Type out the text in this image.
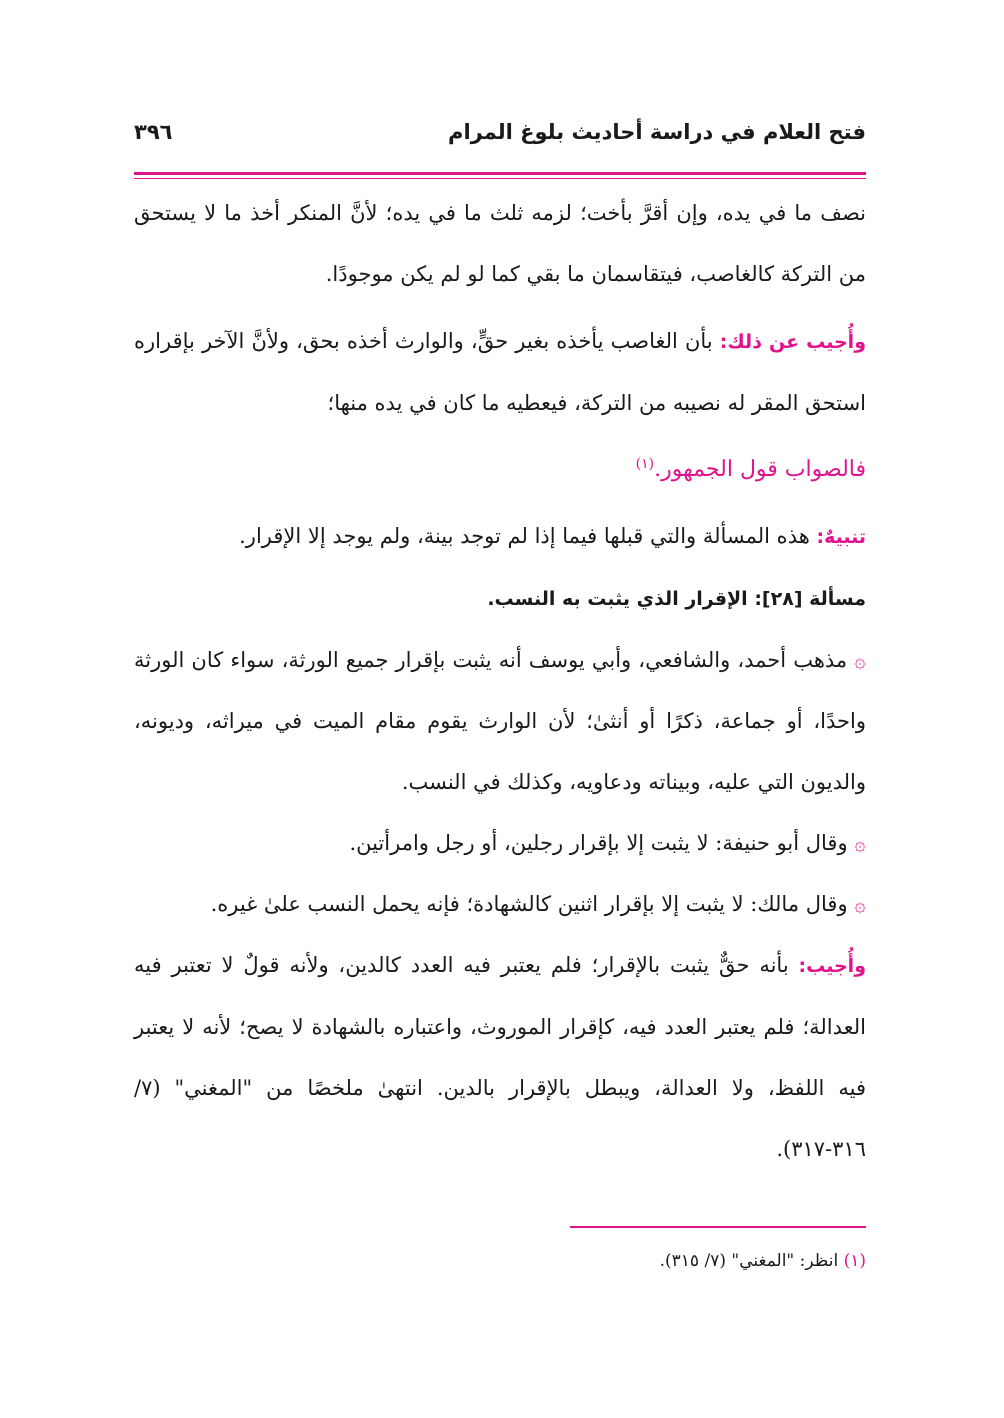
فتح العلام في دراسة أحاديث بلوغ المرام
٣٩٦

نصف ما في يده، وإن أقرَّ بأخت؛ لزمه ثلث ما في يده؛ لأنَّ المنكر أخذ ما لا يستحق من التركة كالغاصب، فيتقاسمان ما بقي كما لو لم يكن موجودًا.

وأُجيب عن ذلك: بأن الغاصب يأخذه بغير حقٍّ، والوارث أخذه بحق، ولأنَّ الآخر بإقراره استحق المقر له نصيبه من التركة، فيعطيه ما كان في يده منها؛

فالصواب قول الجمهور.$^{(١)}$

تنبيهٌ: هذه المسألة والتي قبلها فيما إذا لم توجد بينة، ولم يوجد إلا الإقرار.

مسألة [٢٨]: الإقرار الذي يثبت به النسب.

۞ مذهب أحمد، والشافعي، وأبي يوسف أنه يثبت بإقرار جميع الورثة، سواء كان الورثة واحدًا، أو جماعة، ذكرًا أو أنثىٰ؛ لأن الوارث يقوم مقام الميت في ميراثه، وديونه، والديون التي عليه، وبيناته ودعاويه، وكذلك في النسب.

۞ وقال أبو حنيفة: لا يثبت إلا بإقرار رجلين، أو رجل وامرأتين.

۞ وقال مالك: لا يثبت إلا بإقرار اثنين كالشهادة؛ فإنه يحمل النسب علىٰ غيره.

وأُجيب: بأنه حقٌّ يثبت بالإقرار؛ فلم يعتبر فيه العدد كالدين، ولأنه قولٌ لا تعتبر فيه العدالة؛ فلم يعتبر العدد فيه، كإقرار الموروث، واعتباره بالشهادة لا يصح؛ لأنه لا يعتبر فيه اللفظ، ولا العدالة، ويبطل بالإقرار بالدين. انتهىٰ ملخصًا من "المغني" (٧/ ٣١٦-٣١٧).

(١) انظر: "المغني" (٧/ ٣١٥).
